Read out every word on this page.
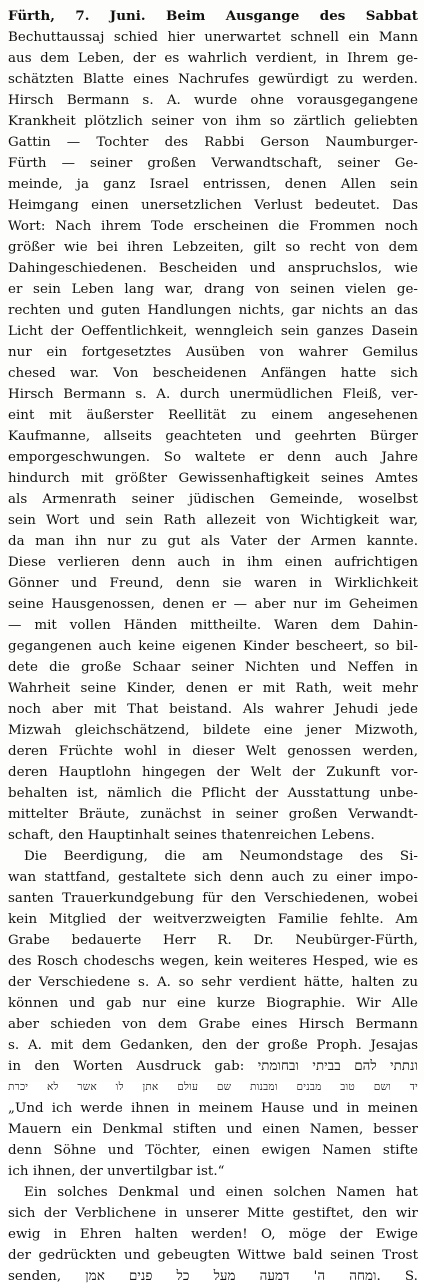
Fürth, 7. Juni. Beim Ausgange des Sabbat
Bechuttaussaj schied hier unerwartet schnell ein Mann
aus dem Leben, der es wahrlich verdient, in Ihrem ge-
schätzten Blatte eines Nachrufes gewürdigt zu werden.
Hirsch Bermann s. A. wurde ohne vorausgegangene
Krankheit plötzlich seiner von ihm so zärtlich geliebten
Gattin — Tochter des Rabbi Gerson Naumburger-
Fürth — seiner großen Verwandtschaft, seiner Ge-
meinde, ja ganz Israel entrissen, denen Allen sein
Heimgang einen unersetzlichen Verlust bedeutet. Das
Wort: Nach ihrem Tode erscheinen die Frommen noch
größer wie bei ihren Lebzeiten, gilt so recht von dem
Dahingeschiedenen. Bescheiden und anspruchslos, wie
er sein Leben lang war, drang von seinen vielen ge-
rechten und guten Handlungen nichts, gar nichts an das
Licht der Oeffentlichkeit, wenngleich sein ganzes Dasein
nur ein fortgesetztes Ausüben von wahrer Gemilus
chesed war. Von bescheidenen Anfängen hatte sich
Hirsch Bermann s. A. durch unermüdlichen Fleiß, ver-
eint mit äußerster Reellität zu einem angesehenen
Kaufmanne, allseits geachteten und geehrten Bürger
emporgeschwungen. So waltete er denn auch Jahre
hindurch mit größter Gewissenhaftigkeit seines Amtes
als Armenrath seiner jüdischen Gemeinde, woselbst
sein Wort und sein Rath allezeit von Wichtigkeit war,
da man ihn nur zu gut als Vater der Armen kannte.
Diese verlieren denn auch in ihm einen aufrichtigen
Gönner und Freund, denn sie waren in Wirklichkeit
seine Hausgenossen, denen er — aber nur im Geheimen
— mit vollen Händen mittheilte. Waren dem Dahin-
gegangenen auch keine eigenen Kinder bescheert, so bil-
dete die große Schaar seiner Nichten und Neffen in
Wahrheit seine Kinder, denen er mit Rath, weit mehr
noch aber mit That beistand. Als wahrer Jehudi jede
Mizwah gleichschätzend, bildete eine jener Mizwoth,
deren Früchte wohl in dieser Welt genossen werden,
deren Hauptlohn hingegen der Welt der Zukunft vor-
behalten ist, nämlich die Pflicht der Ausstattung unbe-
mittelter Bräute, zunächst in seiner großen Verwandt-
schaft, den Hauptinhalt seines thatenreichen Lebens.
Die Beerdigung, die am Neumondstage des Si-
wan stattfand, gestaltete sich denn auch zu einer impo-
santen Trauerkundgebung für den Verschiedenen, wobei
kein Mitglied der weitverzweigten Familie fehlte. Am
Grabe bedauerte Herr R. Dr. Neubürger-Fürth,
des Rosch chodeschs wegen, kein weiteres Hesped, wie es
der Verschiedene s. A. so sehr verdient hätte, halten zu
können und gab nur eine kurze Biographie. Wir Alle
aber schieden von dem Grabe eines Hirsch Bermann
s. A. mit dem Gedanken, den der große Proph. Jesajas
in den Worten Ausdruck gab: ונתתי להם בביתי ובחומתי
יד ושם טוב מבנים ומבנות שם עולם אתן לו אשר לא יכרת
„Und ich werde ihnen in meinem Hause und in meinen
Mauern ein Denkmal stiften und einen Namen, besser
denn Söhne und Töchter, einen ewigen Namen stifte
ich ihnen, der unvertilgbar ist.“
Ein solches Denkmal und einen solchen Namen hat
sich der Verblichene in unserer Mitte gestiftet, den wir
ewig in Ehren halten werden! O, möge der Ewige
der gedrückten und gebeugten Wittwe bald seinen Trost
senden, ומחה ה' דמעה מעל כל פנים אמן. S.
